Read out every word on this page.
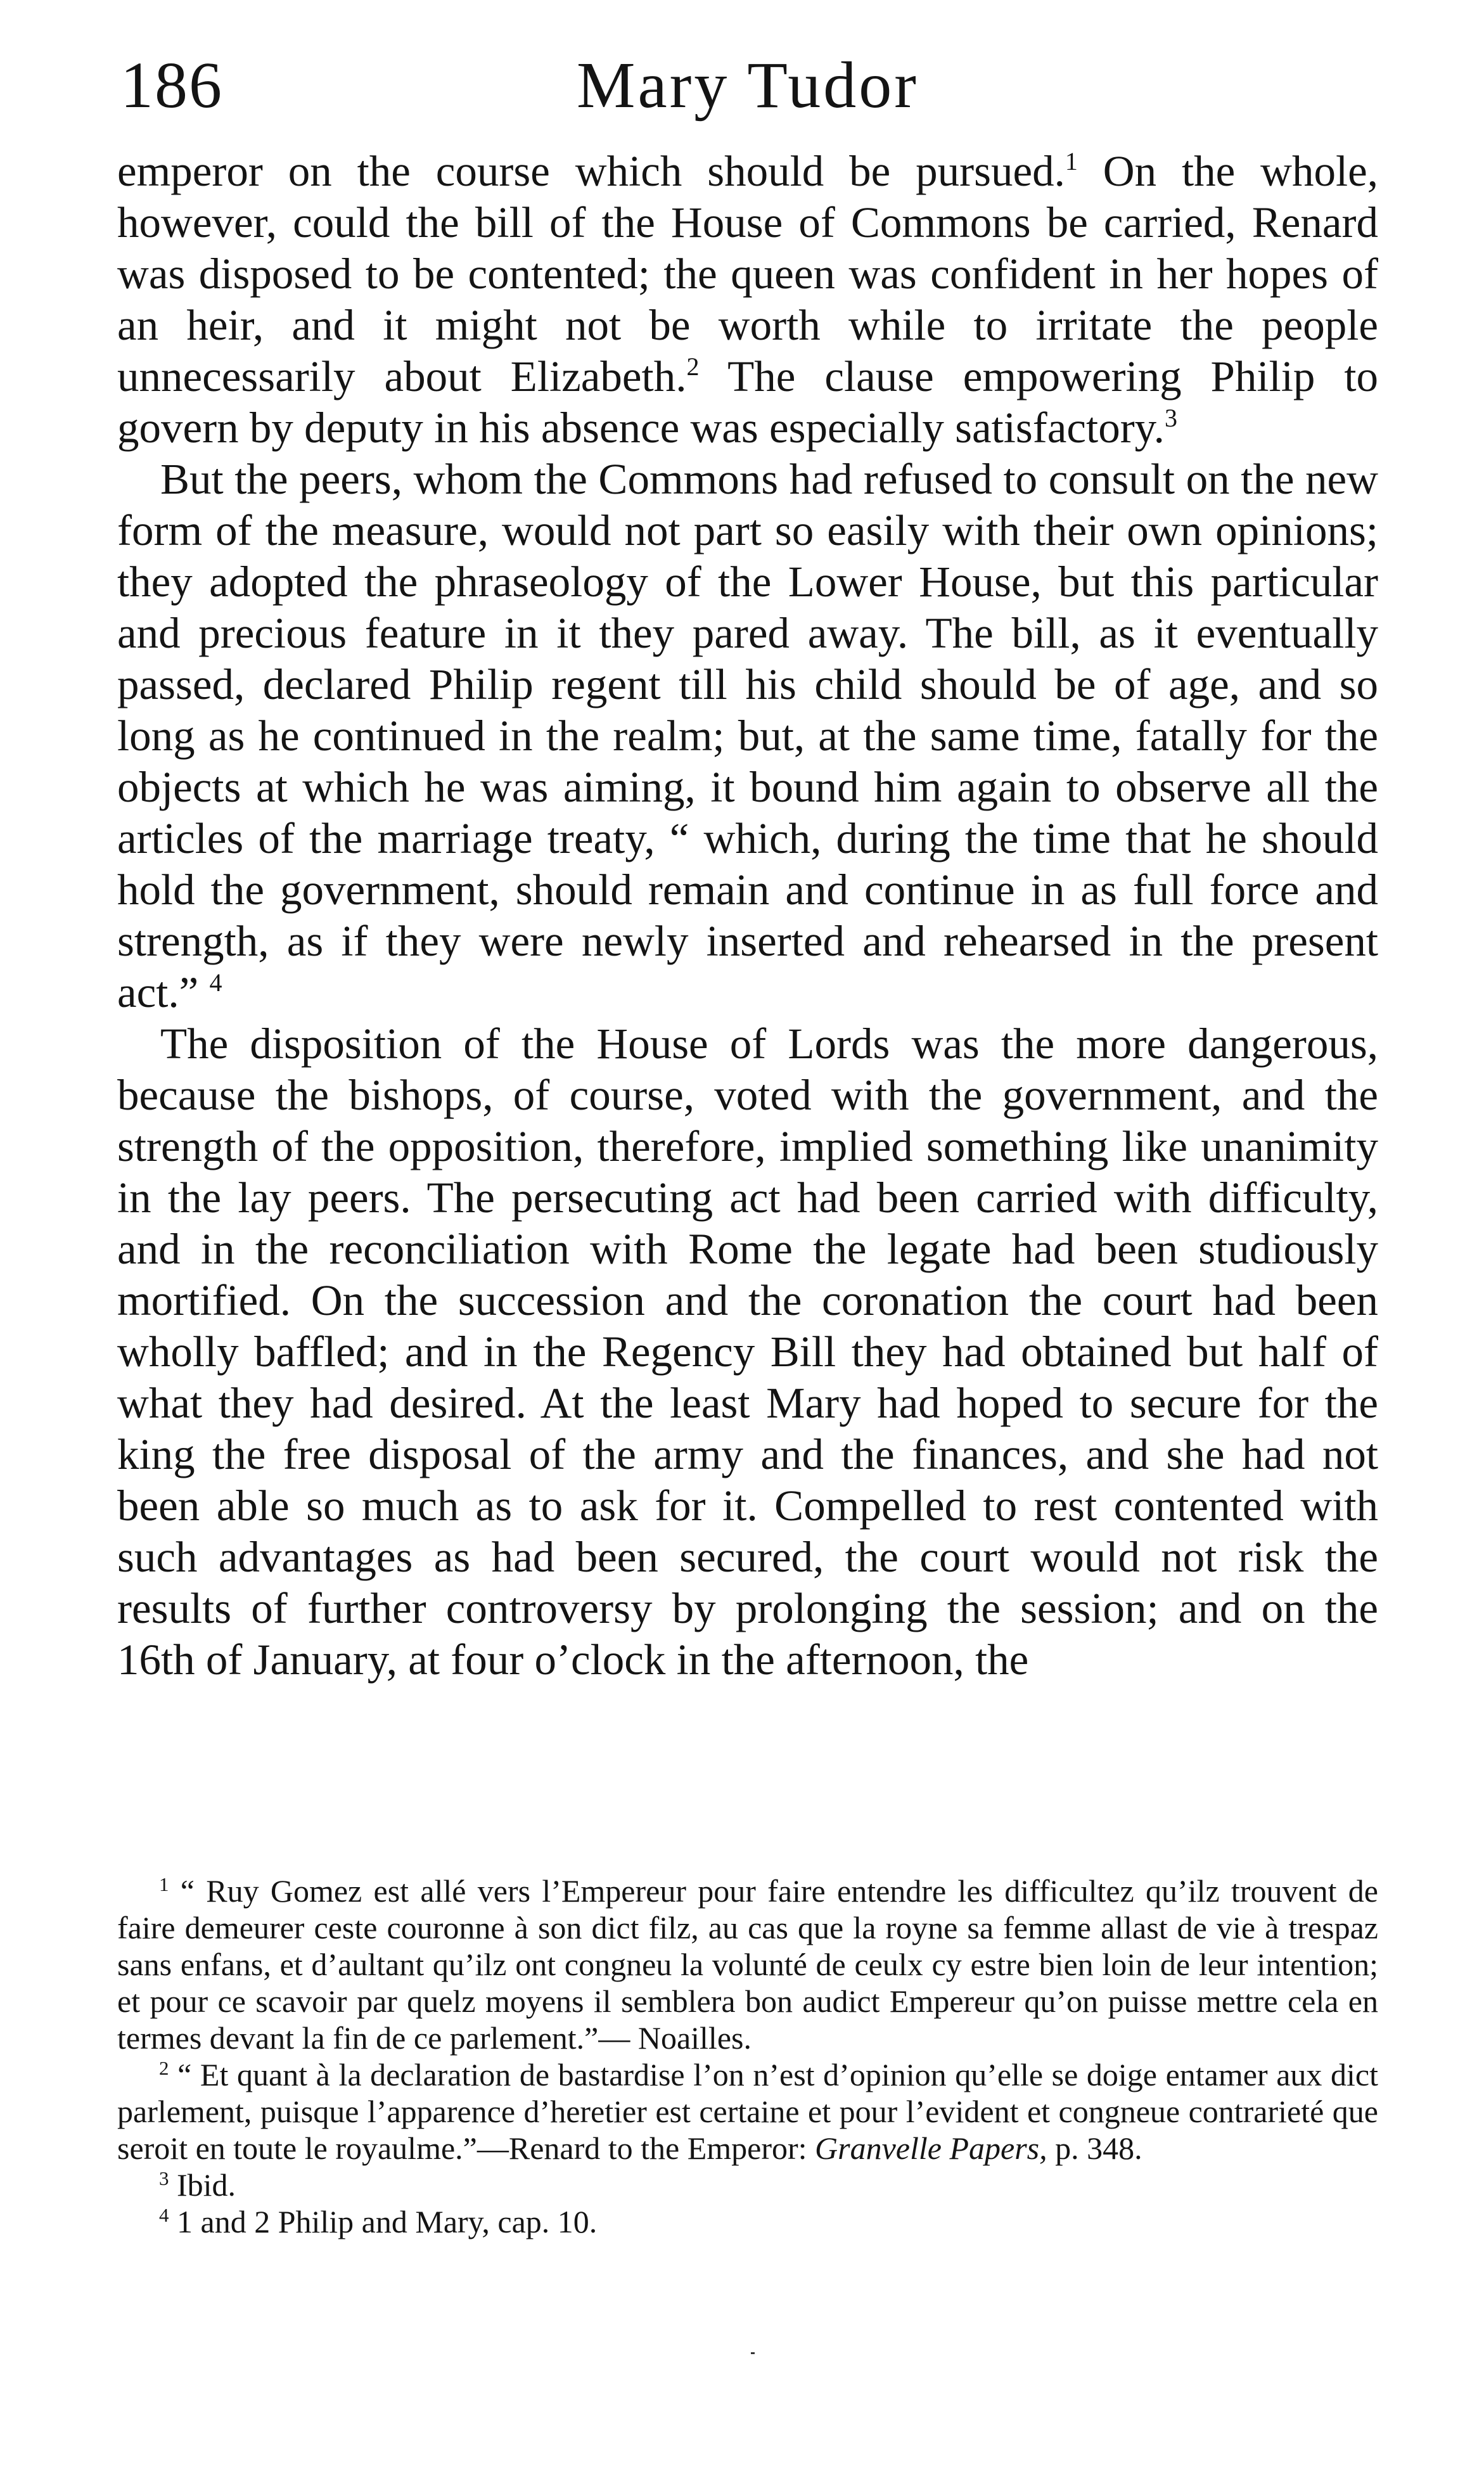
186	Mary Tudor

emperor on the course which should be pursued.$^1$ On the whole, however, could the bill of the House of Commons be carried, Renard was disposed to be contented; the queen was confident in her hopes of an heir, and it might not be worth while to irritate the people unnecessarily about Elizabeth.$^2$ The clause empowering Philip to govern by deputy in his absence was especially satisfactory.$^3$

But the peers, whom the Commons had refused to consult on the new form of the measure, would not part so easily with their own opinions; they adopted the phraseology of the Lower House, but this particular and precious feature in it they pared away. The bill, as it eventually passed, declared Philip regent till his child should be of age, and so long as he continued in the realm; but, at the same time, fatally for the objects at which he was aiming, it bound him again to observe all the articles of the marriage treaty, “ which, during the time that he should hold the government, should remain and continue in as full force and strength, as if they were newly inserted and rehearsed in the present act.” $^4$

The disposition of the House of Lords was the more dangerous, because the bishops, of course, voted with the government, and the strength of the opposition, therefore, implied something like unanimity in the lay peers. The persecuting act had been carried with difficulty, and in the reconciliation with Rome the legate had been studiously mortified. On the succession and the coronation the court had been wholly baffled; and in the Regency Bill they had obtained but half of what they had desired. At the least Mary had hoped to secure for the king the free disposal of the army and the finances, and she had not been able so much as to ask for it. Compelled to rest contented with such advantages as had been secured, the court would not risk the results of further controversy by prolonging the session; and on the 16th of January, at four o’clock in the afternoon, the

$^1$ “ Ruy Gomez est allé vers l’Empereur pour faire entendre les difficultez qu’ilz trouvent de faire demeurer ceste couronne à son dict filz, au cas que la royne sa femme allast de vie à trespaz sans enfans, et d’aultant qu’ilz ont congneu la volunté de ceulx cy estre bien loin de leur intention; et pour ce scavoir par quelz moyens il semblera bon audict Empereur qu’on puisse mettre cela en termes devant la fin de ce parlement.”— Noailles.

$^2$ “ Et quant à la declaration de bastardise l’on n’est d’opinion qu’elle se doige entamer aux dict parlement, puisque l’apparence d’heretier est certaine et pour l’evident et congneue contrarieté que seroit en toute le royaulme.”—Renard to the Emperor: Granvelle Papers, p. 348.

$^3$ Ibid.

$^4$ 1 and 2 Philip and Mary, cap. 10.
